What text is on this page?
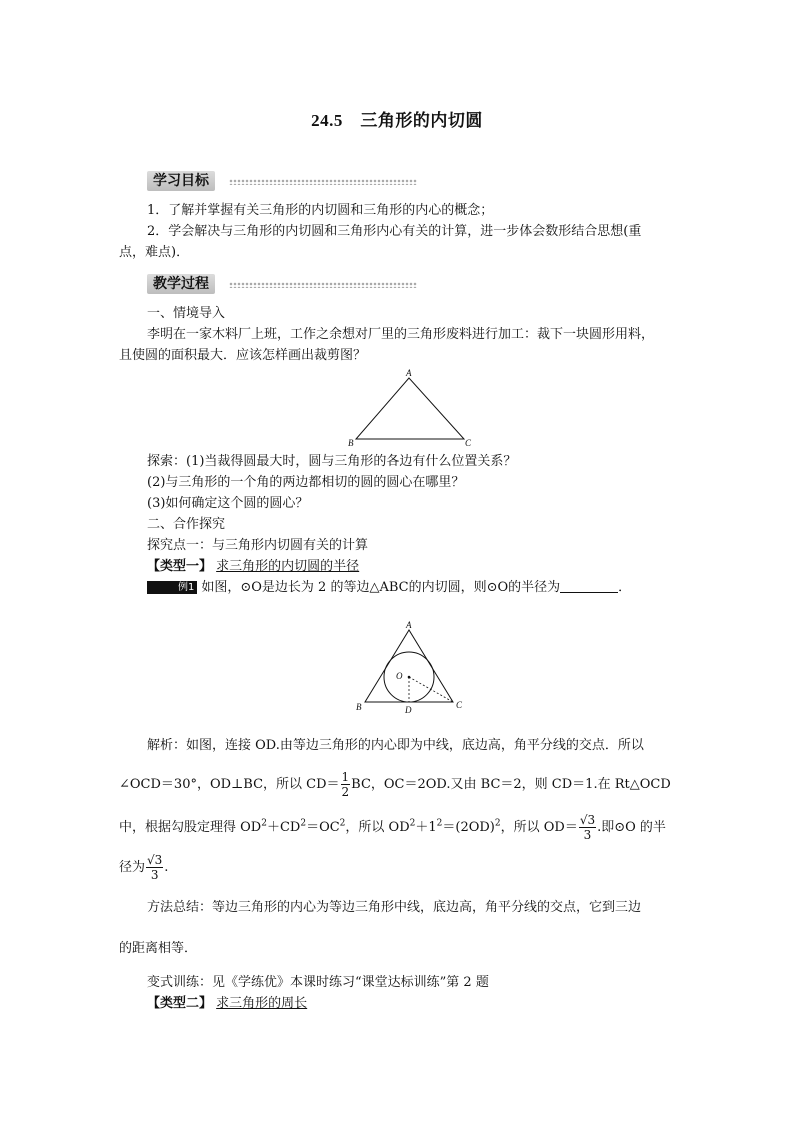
24.5　三角形的内切圆
学习目标
1．了解并掌握有关三角形的内切圆和三角形的内心的概念；
2．学会解决与三角形的内切圆和三角形内心有关的计算，进一步体会数形结合思想(重点，难点)．
教学过程
一、情境导入
李明在一家木料厂上班，工作之余想对厂里的三角形废料进行加工：裁下一块圆形用料，且使圆的面积最大．应该怎样画出裁剪图？
A
B	C
探索：(1)当裁得圆最大时，圆与三角形的各边有什么位置关系？
(2)与三角形的一个角的两边都相切的圆的圆心在哪里？
(3)如何确定这个圆的圆心？
二、合作探究
探究点一：与三角形内切圆有关的计算
【类型一】 求三角形的内切圆的半径
例1 如图，⊙O是边长为 2 的等边△ABC的内切圆，则⊙O的半径为	．
A
B	C
O
D
解析：如图，连接 OD.由等边三角形的内心即为中线，底边高，角平分线的交点．所以
∠OCD＝30°，OD⊥BC，所以 $CD= \frac{1}{2}$ BC，OC＝2OD.又由 BC＝2，则 CD＝1.在 Rt△OCD
中，根据勾股定理得 $OD^2+CD^2=OC^2$，所以 $OD^2+1^2=(2OD)^2$，所以 $OD= \frac{√3}{3}$ .即⊙O 的半
径为 $\frac{√3}{3}$ .
方法总结：等边三角形的内心为等边三角形中线，底边高，角平分线的交点，它到三边
的距离相等．
变式训练：见《学练优》本课时练习“课堂达标训练”第 2 题
【类型二】 求三角形的周长
